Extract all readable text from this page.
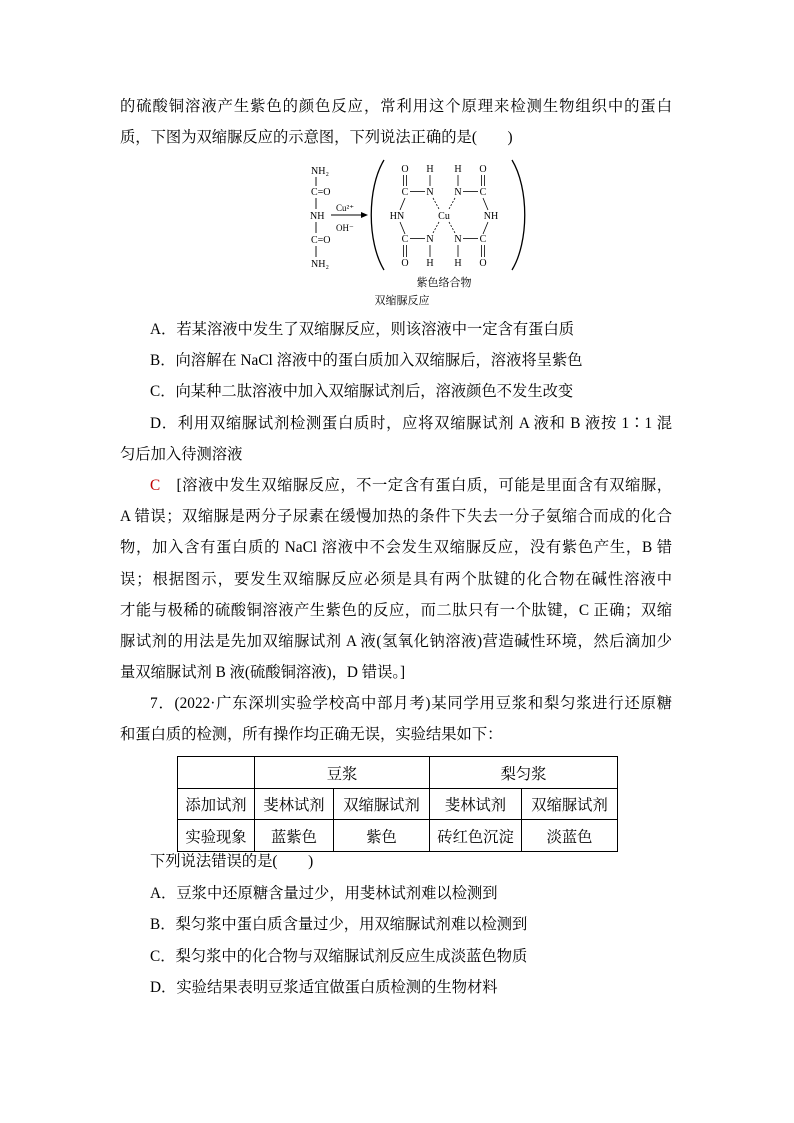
的硫酸铜溶液产生紫色的颜色反应，常利用这个原理来检测生物组织中的蛋白
质，下图为双缩脲反应的示意图，下列说法正确的是(　　)
NH₂
C=O
NH
C=O
NH₂
Cu²⁺
OH⁻
O H H O
C N N C
HN	Cu	NH
C N N C
O H H O
紫色络合物
双缩脲反应
A．若某溶液中发生了双缩脲反应，则该溶液中一定含有蛋白质
B．向溶解在 NaCl 溶液中的蛋白质加入双缩脲后，溶液将呈紫色
C．向某种二肽溶液中加入双缩脲试剂后，溶液颜色不发生改变
D．利用双缩脲试剂检测蛋白质时，应将双缩脲试剂 A 液和 B 液按 1∶1 混
匀后加入待测溶液
C　[溶液中发生双缩脲反应，不一定含有蛋白质，可能是里面含有双缩脲，
A 错误；双缩脲是两分子尿素在缓慢加热的条件下失去一分子氨缩合而成的化合
物，加入含有蛋白质的 NaCl 溶液中不会发生双缩脲反应，没有紫色产生，B 错
误；根据图示，要发生双缩脲反应必须是具有两个肽键的化合物在碱性溶液中
才能与极稀的硫酸铜溶液产生紫色的反应，而二肽只有一个肽键，C 正确；双缩
脲试剂的用法是先加双缩脲试剂 A 液(氢氧化钠溶液)营造碱性环境，然后滴加少
量双缩脲试剂 B 液(硫酸铜溶液)，D 错误。]
7．(2022·广东深圳实验学校高中部月考)某同学用豆浆和梨匀浆进行还原糖
和蛋白质的检测，所有操作均正确无误，实验结果如下：
	豆浆		梨匀浆	
添加试剂	斐林试剂	双缩脲试剂	斐林试剂	双缩脲试剂
实验现象	蓝紫色	紫色	砖红色沉淀	淡蓝色
下列说法错误的是(　　)
A．豆浆中还原糖含量过少，用斐林试剂难以检测到
B．梨匀浆中蛋白质含量过少，用双缩脲试剂难以检测到
C．梨匀浆中的化合物与双缩脲试剂反应生成淡蓝色物质
D．实验结果表明豆浆适宜做蛋白质检测的生物材料
